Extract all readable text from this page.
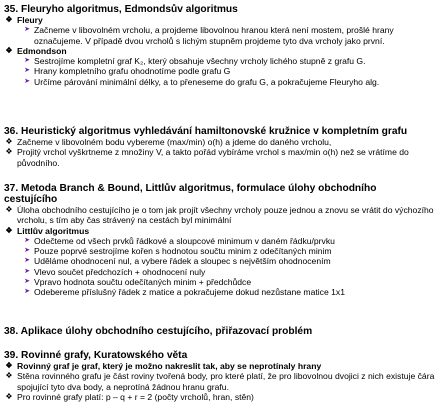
35. Fleuryho algoritmus, Edmondsův algoritmus
❖ Fleury
➤ Začneme v libovolném vrcholu, a projdeme libovolnou hranou která není mostem, prošlé hrany označujeme. V případě dvou vrcholů s lichým stupněm projdeme tyto dva vrcholy jako první.
❖ Edmondson
➤ Sestrojíme kompletní graf K₂, který obsahuje všechny vrcholy lichého stupně z grafu G.
➤ Hrany kompletního grafu ohodnotíme podle grafu G
➤ Určíme párování minimální délky, a to přeneseme do grafu G, a pokračujeme Fleuryho alg.
36. Heuristický algoritmus vyhledávání hamiltonovské kružnice v kompletním grafu
❖ Začneme v libovolném bodu vybereme (max/min) o(h) a jdeme do daného vrcholu,
❖ Projitý vrchol vyškrtneme z množiny V, a takto pořád vybíráme vrchol s max/min o(h) než se vrátíme do původního.
37. Metoda Branch & Bound, Littlův algoritmus, formulace úlohy obchodního cestujícího
❖ Úloha obchodního cestujícího je o tom jak projít všechny vrcholy pouze jednou a znovu se vrátit do výchozího vrcholu, s tím aby čas strávený na cestách byl minimální
❖ Littlův algoritmus
➤ Odečteme od všech prvků řádkové a sloupcové minimum v daném řádku/prvku
➤ Pouze poprvé sestrojíme kořen s hodnotou součtu minim z odečítaných minim
➤ Uděláme ohodnocení nul, a vybere řádek a sloupec s největším ohodnocením
➤ Vlevo součet předchozích + ohodnocení nuly
➤ Vpravo hodnota součtu odečítaných minim + předchůdce
➤ Odebereme příslušný řádek z matice a pokračujeme dokud nezůstane matice 1x1
38. Aplikace úlohy obchodního cestujícího, přiřazovací problém
39. Rovinné grafy, Kuratowského věta
❖ Rovinný graf je graf, který je možno nakreslit tak, aby se neprotínaly hrany
❖ Stěna rovinného grafu je část roviny tvořená body, pro které platí, že pro libovolnou dvojici z nich existuje čára spojující tyto dva body, a neprotíná žádnou hranu grafu.
❖ Pro rovinné grafy platí: p – q + r = 2 (počty vrcholů, hran, stěn)
